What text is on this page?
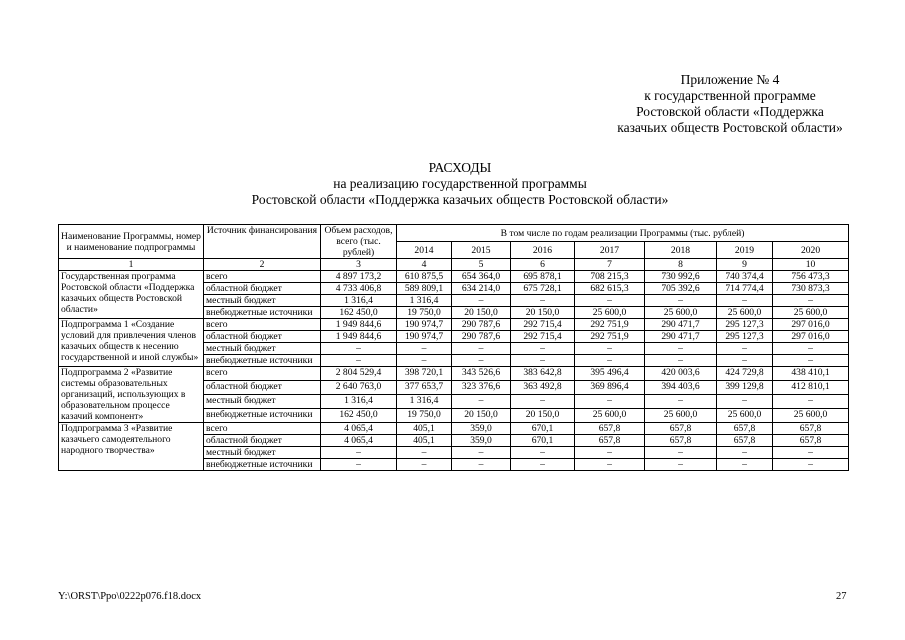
Приложение № 4
к государственной программе
Ростовской области «Поддержка
казачьих обществ Ростовской области»
РАСХОДЫ
на реализацию государственной программы
Ростовской области «Поддержка казачьих обществ Ростовской области»
Наименование Программы, номер и наименование подпрограммы	Источник финансирования	Объем расходов, всего (тыс. рублей)	В том числе по годам реализации Программы (тыс. рублей)						
			2014	2015	2016	2017	2018	2019	2020
1	2	3	4	5	6	7	8	9	10
Государственная программа Ростовской области «Поддержка казачьих обществ Ростовской области»	всего	4 897 173,2	610 875,5	654 364,0	695 878,1	708 215,3	730 992,6	740 374,4	756 473,3
	областной бюджет	4 733 406,8	589 809,1	634 214,0	675 728,1	682 615,3	705 392,6	714 774,4	730 873,3
	местный бюджет	1 316,4	1 316,4	–	–	–	–	–	–
	внебюджетные источники	162 450,0	19 750,0	20 150,0	20 150,0	25 600,0	25 600,0	25 600,0	25 600,0
Подпрограмма 1 «Создание условий для привлечения членов казачьих обществ к несению государственной и иной службы»	всего	1 949 844,6	190 974,7	290 787,6	292 715,4	292 751,9	290 471,7	295 127,3	297 016,0
	областной бюджет	1 949 844,6	190 974,7	290 787,6	292 715,4	292 751,9	290 471,7	295 127,3	297 016,0
	местный бюджет	–	–	–	–	–	–	–	–
	внебюджетные источники	–	–	–	–	–	–	–	–
Подпрограмма 2 «Развитие системы образовательных организаций, использующих в образовательном процессе казачий компонент»	всего	2 804 529,4	398 720,1	343 526,6	383 642,8	395 496,4	420 003,6	424 729,8	438 410,1
	областной бюджет	2 640 763,0	377 653,7	323 376,6	363 492,8	369 896,4	394 403,6	399 129,8	412 810,1
	местный бюджет	1 316,4	1 316,4	–	–	–	–	–	–
	внебюджетные источники	162 450,0	19 750,0	20 150,0	20 150,0	25 600,0	25 600,0	25 600,0	25 600,0
Подпрограмма 3 «Развитие казачьего самодеятельного народного творчества»	всего	4 065,4	405,1	359,0	670,1	657,8	657,8	657,8	657,8
	областной бюджет	4 065,4	405,1	359,0	670,1	657,8	657,8	657,8	657,8
	местный бюджет	–	–	–	–	–	–	–	–
	внебюджетные источники	–	–	–	–	–	–	–	–
Y:\ORST\Ppo\0222p076.f18.docx	27
